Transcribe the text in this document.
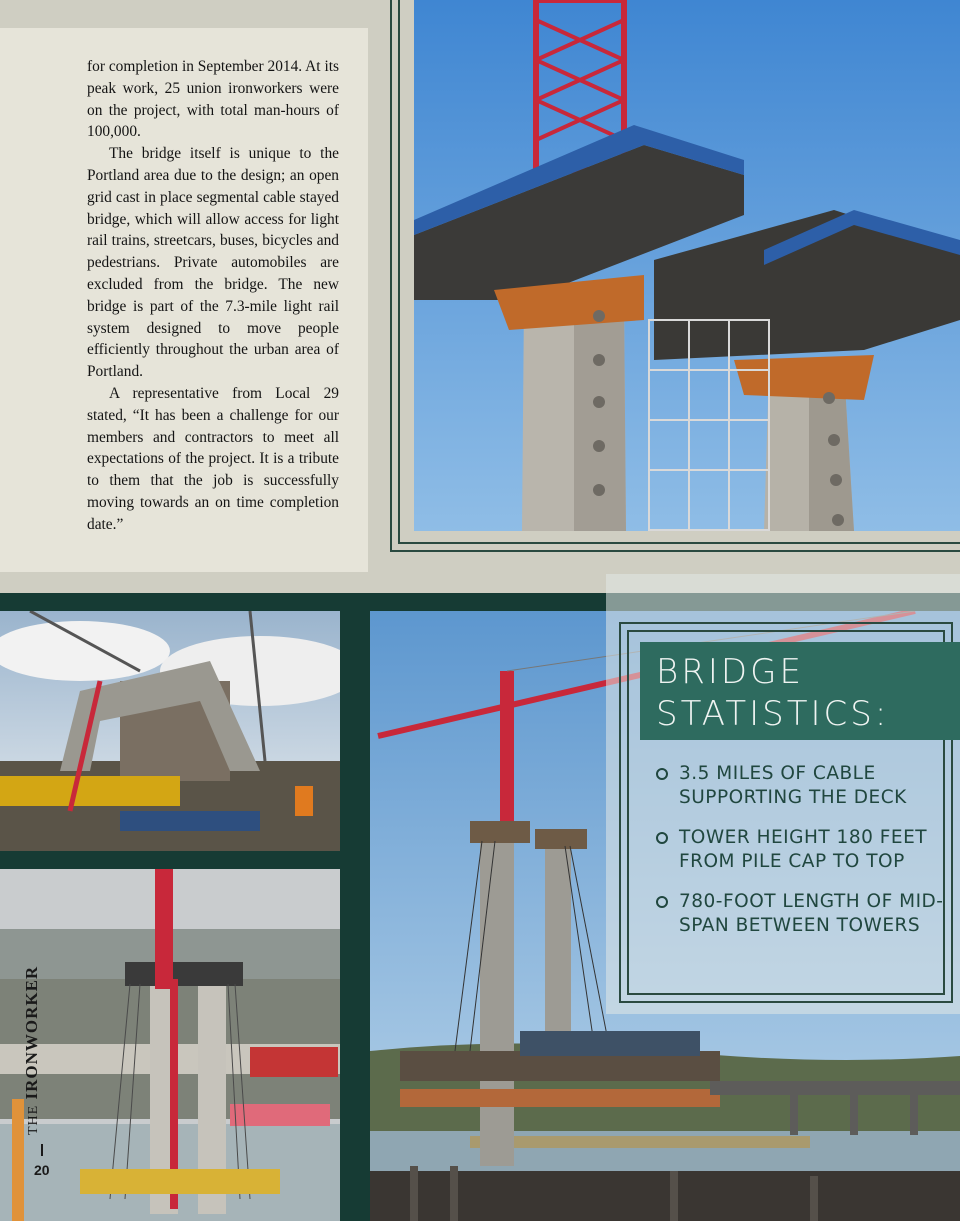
for completion in September 2014. At its peak work, 25 union ironworkers were on the project, with total man-hours of 100,000.

The bridge itself is unique to the Portland area due to the design; an open grid cast in place segmental cable stayed bridge, which will allow access for light rail trains, streetcars, buses, bicycles and pedestrians. Private automobiles are excluded from the bridge. The new bridge is part of the 7.3-mile light rail system designed to move people efficiently throughout the urban area of Portland.

A representative from Local 29 stated, “It has been a challenge for our members and contractors to meet all expectations of the project. It is a tribute to them that the job is successfully moving towards an on time completion date.”

BRIDGE
STATISTICS:
3.5 MILES OF CABLE SUPPORTING THE DECK
TOWER HEIGHT 180 FEET FROM PILE CAP TO TOP
780-FOOT LENGTH OF MID-SPAN BETWEEN TOWERS
THE IRONWORKER
20
